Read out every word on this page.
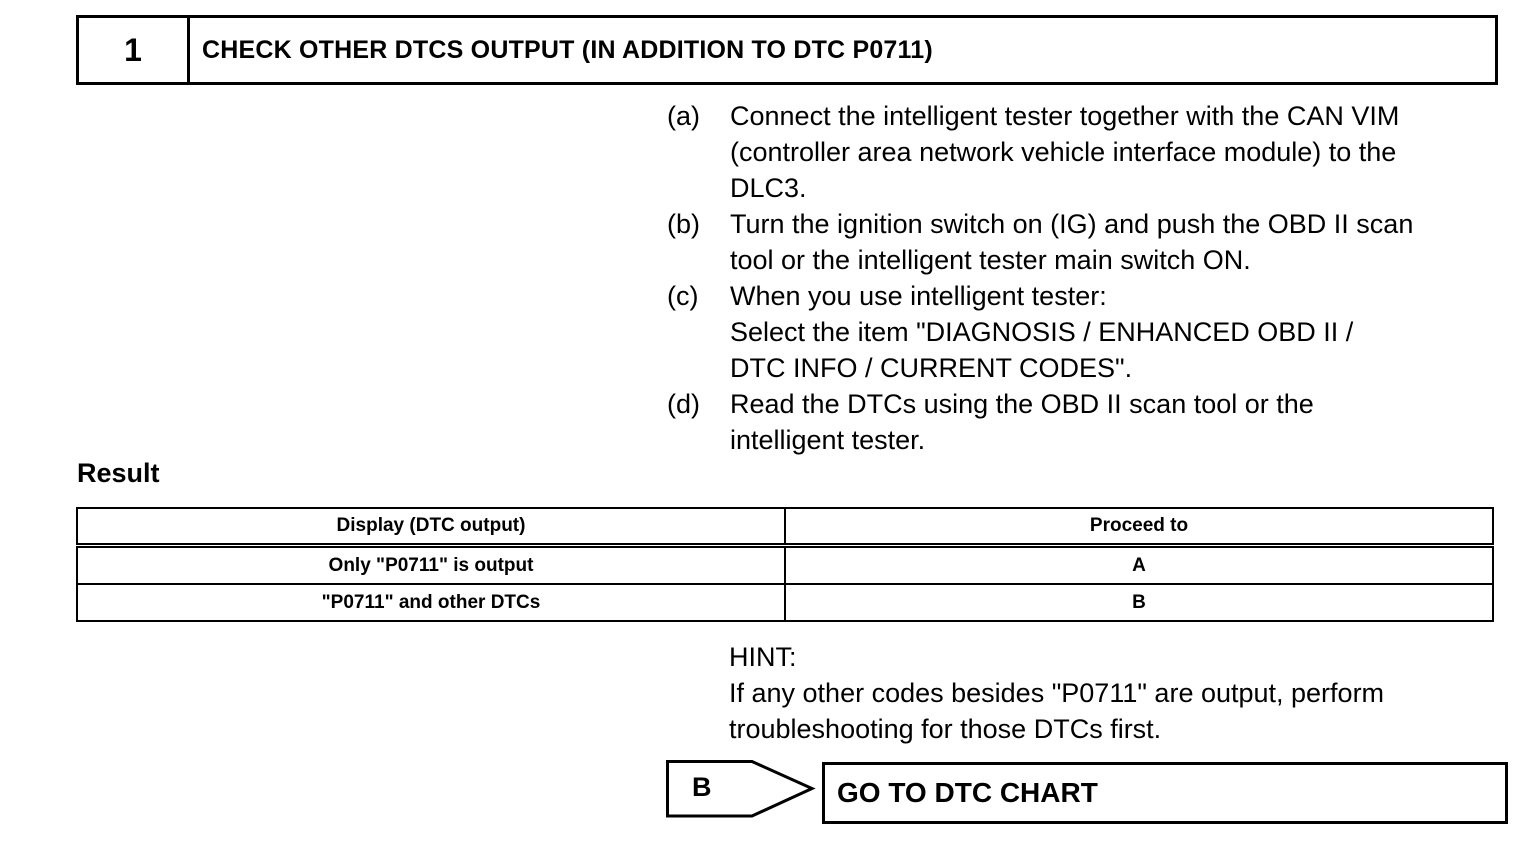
1	CHECK OTHER DTCS OUTPUT (IN ADDITION TO DTC P0711)
(a)	Connect the intelligent tester together with the CAN VIM
(controller area network vehicle interface module) to the
DLC3.
(b)	Turn the ignition switch on (IG) and push the OBD II scan
tool or the intelligent tester main switch ON.
(c)	When you use intelligent tester:
Select the item "DIAGNOSIS / ENHANCED OBD II /
DTC INFO / CURRENT CODES".
(d)	Read the DTCs using the OBD II scan tool or the
intelligent tester.
Result
Display (DTC output)	Proceed to
Only "P0711" is output	A
"P0711" and other DTCs	B
HINT:
If any other codes besides "P0711" are output, perform
troubleshooting for those DTCs first.
B	GO TO DTC CHART
